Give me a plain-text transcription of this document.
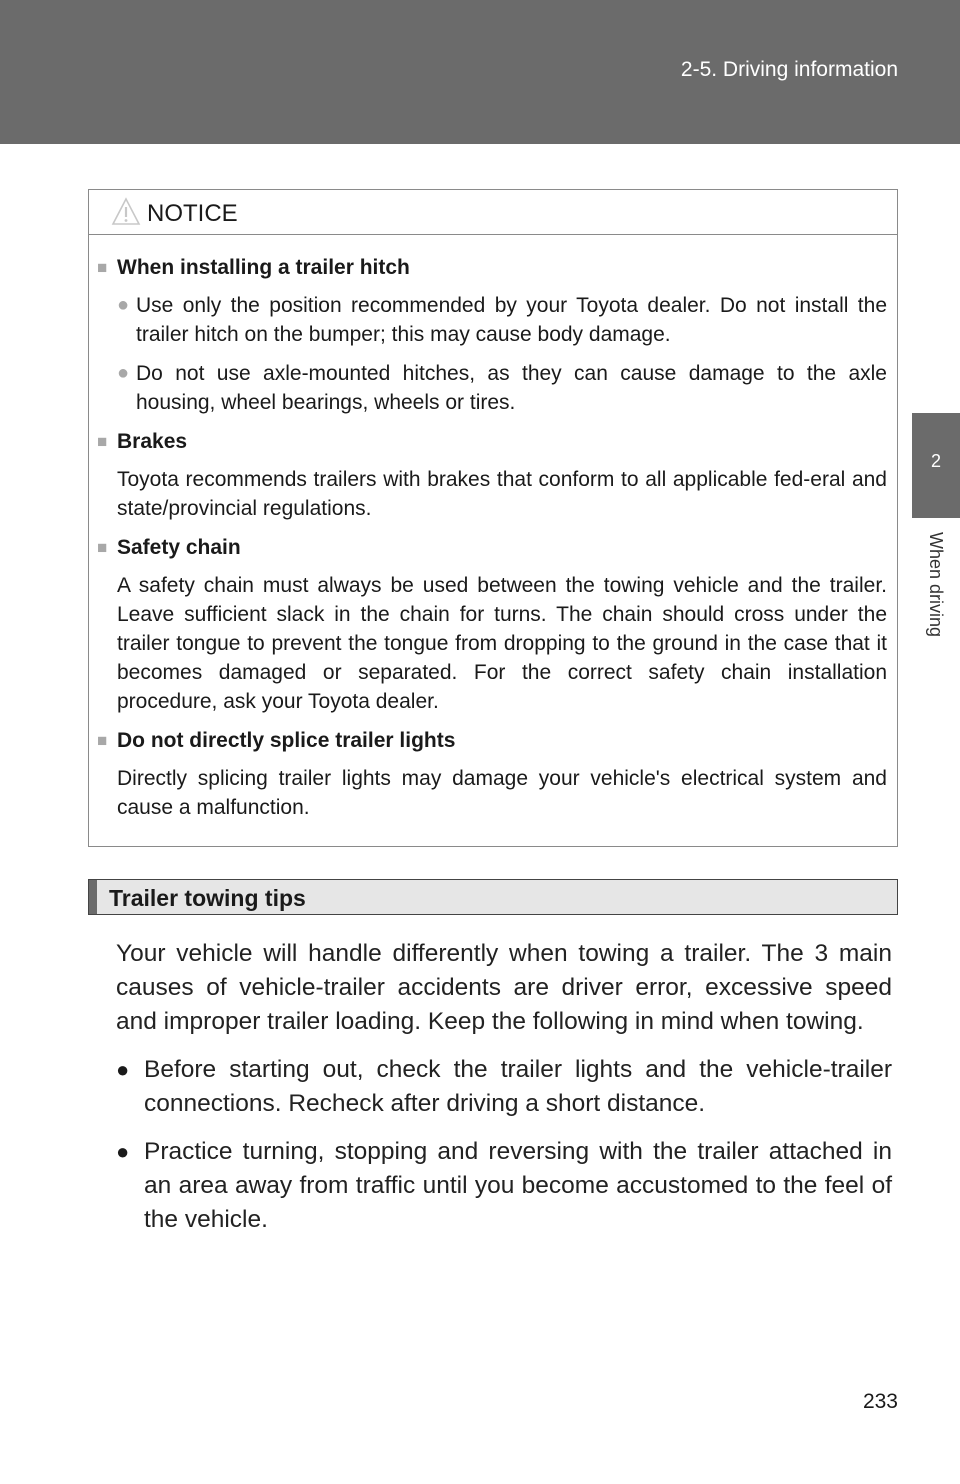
2-5. Driving information
2
When driving
NOTICE
■ When installing a trailer hitch
● Use only the position recommended by your Toyota dealer. Do not install the trailer hitch on the bumper; this may cause body damage.
● Do not use axle-mounted hitches, as they can cause damage to the axle housing, wheel bearings, wheels or tires.
■ Brakes
Toyota recommends trailers with brakes that conform to all applicable fed-eral and state/provincial regulations.
■ Safety chain
A safety chain must always be used between the towing vehicle and the trailer. Leave sufficient slack in the chain for turns. The chain should cross under the trailer tongue to prevent the tongue from dropping to the ground in the case that it becomes damaged or separated. For the correct safety chain installation procedure, ask your Toyota dealer.
■ Do not directly splice trailer lights
Directly splicing trailer lights may damage your vehicle's electrical system and cause a malfunction.
Trailer towing tips

Your vehicle will handle differently when towing a trailer. The 3 main causes of vehicle-trailer accidents are driver error, excessive speed and improper trailer loading. Keep the following in mind when towing.

● Before starting out, check the trailer lights and the vehicle-trailer connections. Recheck after driving a short distance.
● Practice turning, stopping and reversing with the trailer attached in an area away from traffic until you become accustomed to the feel of the vehicle.
233
